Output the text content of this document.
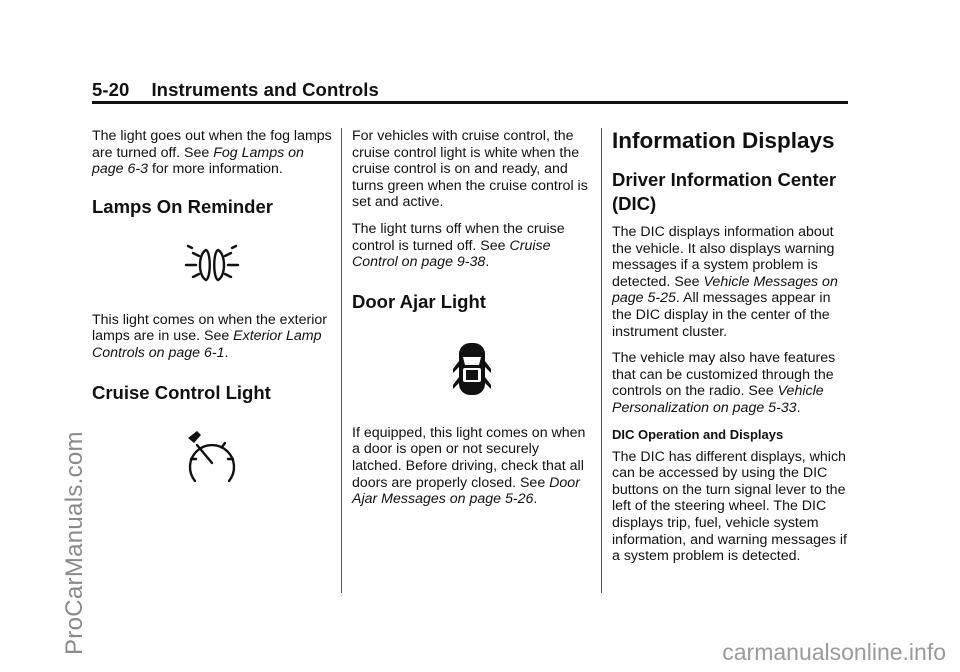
5-20 Instruments and Controls

The light goes out when the fog lamps are turned off. See Fog Lamps on page 6-3 for more information.

Lamps On Reminder

This light comes on when the exterior lamps are in use. See Exterior Lamp Controls on page 6-1.

Cruise Control Light

For vehicles with cruise control, the cruise control light is white when the cruise control is on and ready, and turns green when the cruise control is set and active.

The light turns off when the cruise control is turned off. See Cruise Control on page 9-38.

Door Ajar Light

If equipped, this light comes on when a door is open or not securely latched. Before driving, check that all doors are properly closed. See Door Ajar Messages on page 5-26.

Information Displays
Driver Information Center (DIC)

The DIC displays information about the vehicle. It also displays warning messages if a system problem is detected. See Vehicle Messages on page 5-25. All messages appear in the DIC display in the center of the instrument cluster.

The vehicle may also have features that can be customized through the controls on the radio. See Vehicle Personalization on page 5-33.

DIC Operation and Displays

The DIC has different displays, which can be accessed by using the DIC buttons on the turn signal lever to the left of the steering wheel. The DIC displays trip, fuel, vehicle system information, and warning messages if a system problem is detected.

ProCarManuals.com	carmanualsonline.info
